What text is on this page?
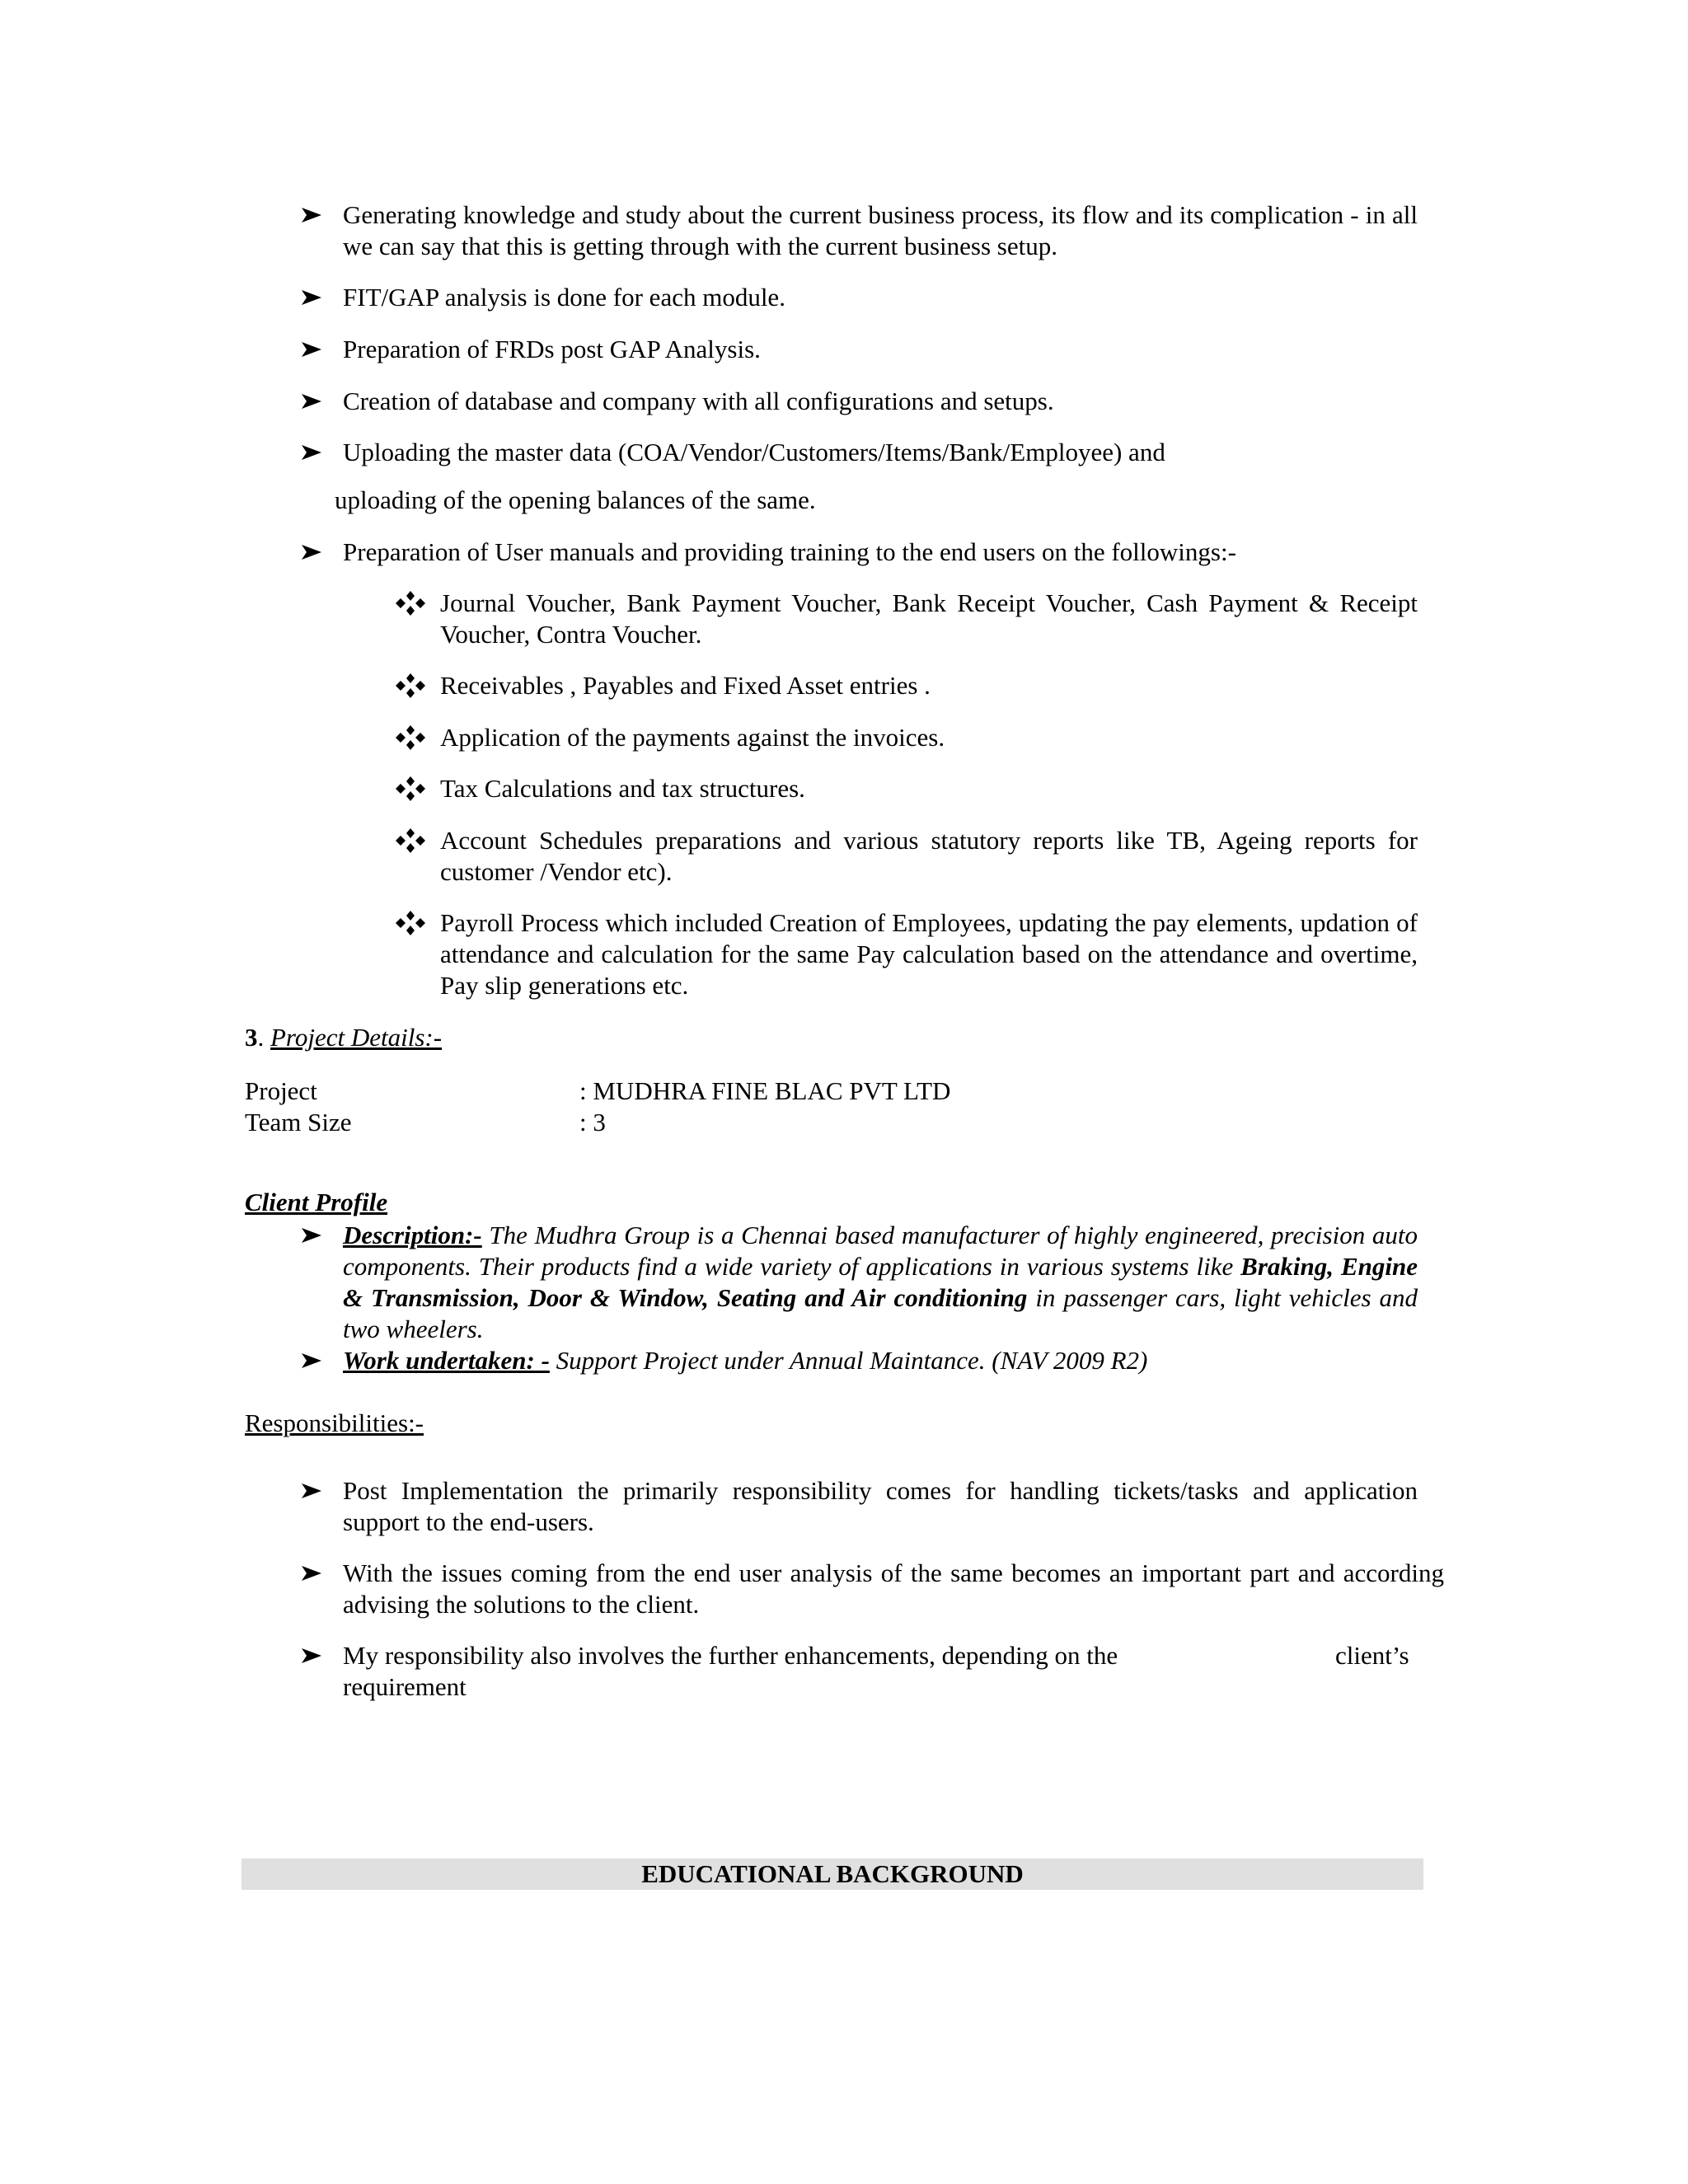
Generating knowledge and study about the current business process, its flow and its complication - in all we can say that this is getting through with the current business setup.
FIT/GAP analysis is done for each module.
Preparation of FRDs post GAP Analysis.
Creation of database and company with all configurations and setups.
Uploading the master data (COA/Vendor/Customers/Items/Bank/Employee) and
uploading of the opening balances of the same.
Preparation of User manuals and providing training to the end users on the followings:-
Journal Voucher, Bank Payment Voucher, Bank Receipt Voucher, Cash Payment & Receipt Voucher, Contra Voucher.
Receivables , Payables and Fixed Asset entries .
Application of the payments against the invoices.
Tax Calculations and tax structures.
Account Schedules preparations and various statutory reports like TB, Ageing reports for customer /Vendor etc).
Payroll Process which included Creation of Employees, updating the pay elements, updation of attendance and calculation for the same Pay calculation based on the attendance and overtime, Pay slip generations etc.
3. Project Details:-
Project	: MUDHRA FINE BLAC PVT LTD
Team Size	: 3
Client Profile
Description:- The Mudhra Group is a Chennai based manufacturer of highly engineered, precision auto components. Their products find a wide variety of applications in various systems like Braking, Engine & Transmission, Door & Window, Seating and Air conditioning in passenger cars, light vehicles and two wheelers.
Work undertaken: - Support Project under Annual Maintance. (NAV 2009 R2)
Responsibilities:-
Post Implementation the primarily responsibility comes for handling tickets/tasks and application support to the end-users.
With the issues coming from the end user analysis of the same becomes an important part and according advising the solutions to the client.
My responsibility also involves the further enhancements, depending on the	client’s
requirement
EDUCATIONAL BACKGROUND
